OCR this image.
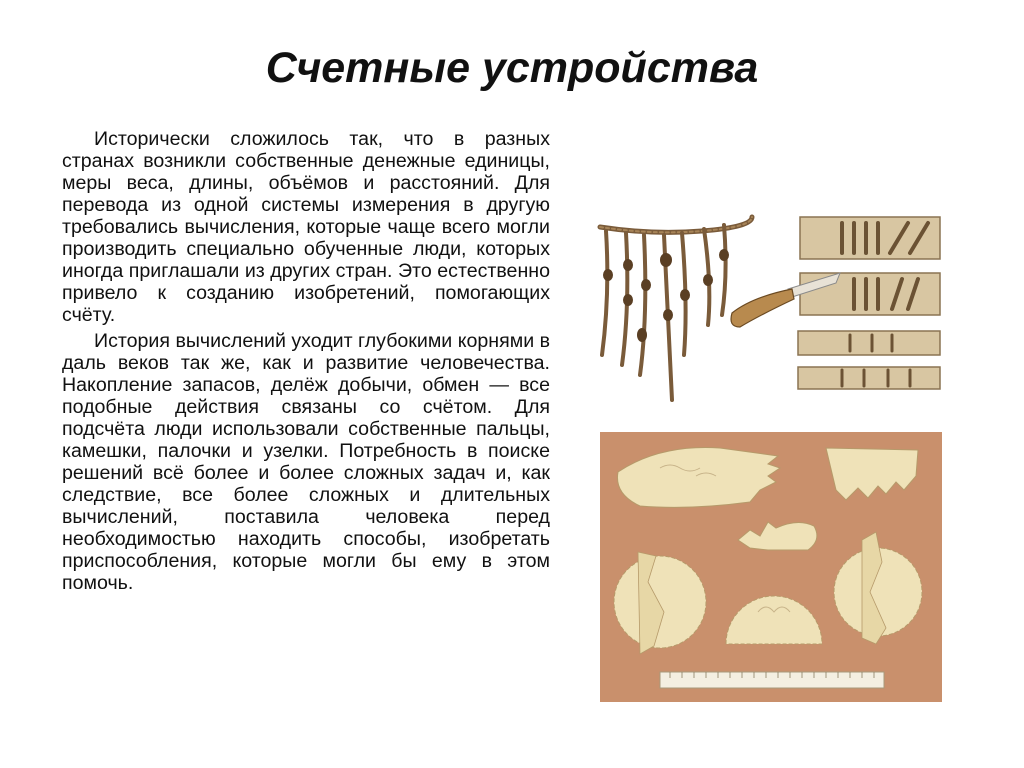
Счетные устройства

Исторически сложилось так, что в разных странах возникли собственные денежные единицы, меры веса, длины, объёмов и расстояний. Для перевода из одной системы измерения в другую требовались вычисления, которые чаще всего могли производить специально обученные люди, которых иногда приглашали из других стран. Это естественно привело к созданию изобретений, помогающих счёту.

История вычислений уходит глубокими корнями в даль веков так же, как и развитие человечества. Накопление запасов, делёж добычи, обмен — все подобные действия связаны со счётом. Для подсчёта люди использовали собственные пальцы, камешки, палочки и узелки. Потребность в поиске решений всё более и более сложных задач и, как следствие, все более сложных и длительных вычислений, поставила человека перед необходимостью находить способы, изобретать приспособления, которые могли бы ему в этом помочь.
